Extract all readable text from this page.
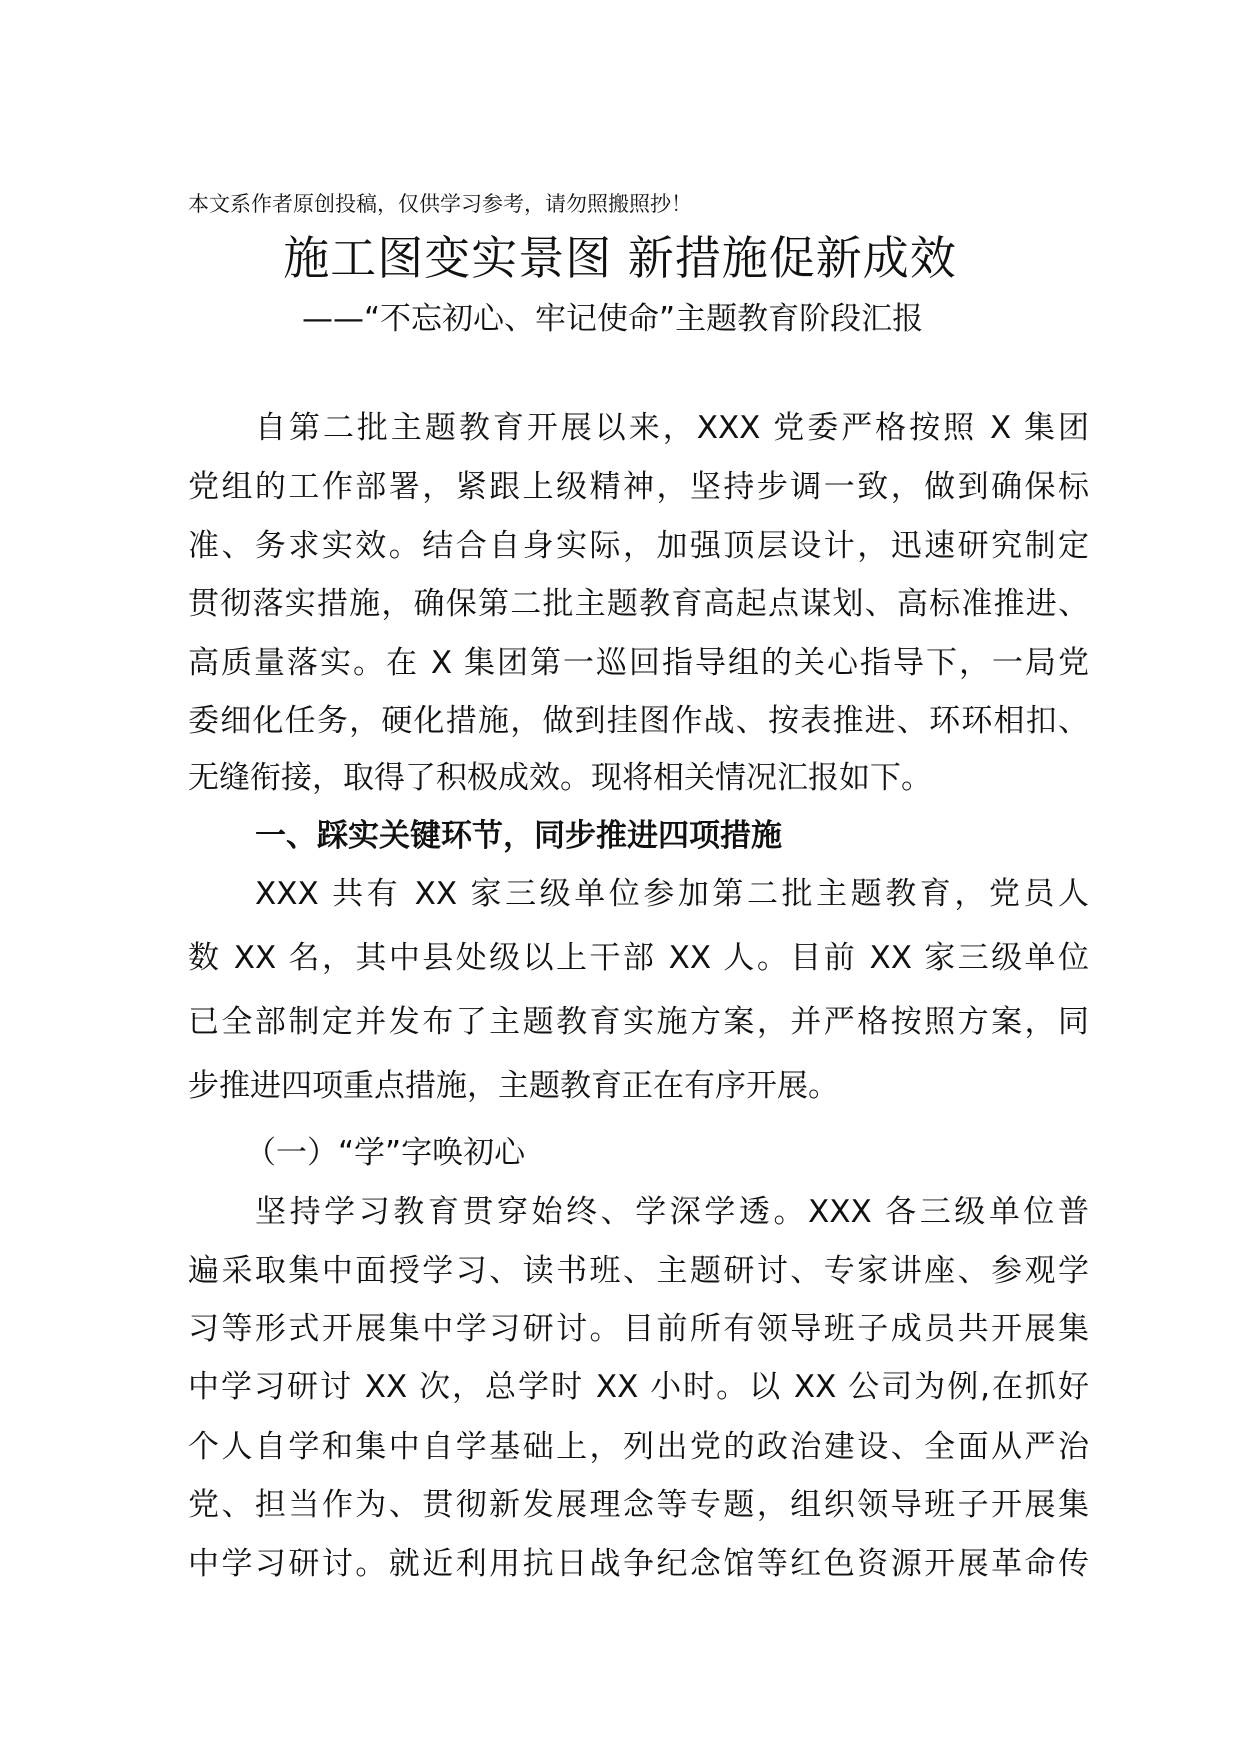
本文系作者原创投稿，仅供学习参考，请勿照搬照抄！
施工图变实景图 新措施促新成效
——“不忘初心、牢记使命”主题教育阶段汇报
自第二批主题教育开展以来，XXX 党委严格按照 X 集团
党组的工作部署，紧跟上级精神，坚持步调一致，做到确保标
准、务求实效。结合自身实际，加强顶层设计，迅速研究制定
贯彻落实措施，确保第二批主题教育高起点谋划、高标准推进、
高质量落实。在 X 集团第一巡回指导组的关心指导下，一局党
委细化任务，硬化措施，做到挂图作战、按表推进、环环相扣、
无缝衔接，取得了积极成效。现将相关情况汇报如下。
一、踩实关键环节，同步推进四项措施
XXX 共有 XX 家三级单位参加第二批主题教育，党员人
数 XX 名，其中县处级以上干部 XX 人。目前 XX 家三级单位
已全部制定并发布了主题教育实施方案，并严格按照方案，同
步推进四项重点措施，主题教育正在有序开展。
（一）“学”字唤初心
坚持学习教育贯穿始终、学深学透。XXX 各三级单位普
遍采取集中面授学习、读书班、主题研讨、专家讲座、参观学
习等形式开展集中学习研讨。目前所有领导班子成员共开展集
中学习研讨 XX 次，总学时 XX 小时。以 XX 公司为例,在抓好
个人自学和集中自学基础上，列出党的政治建设、全面从严治
党、担当作为、贯彻新发展理念等专题，组织领导班子开展集
中学习研讨。就近利用抗日战争纪念馆等红色资源开展革命传
